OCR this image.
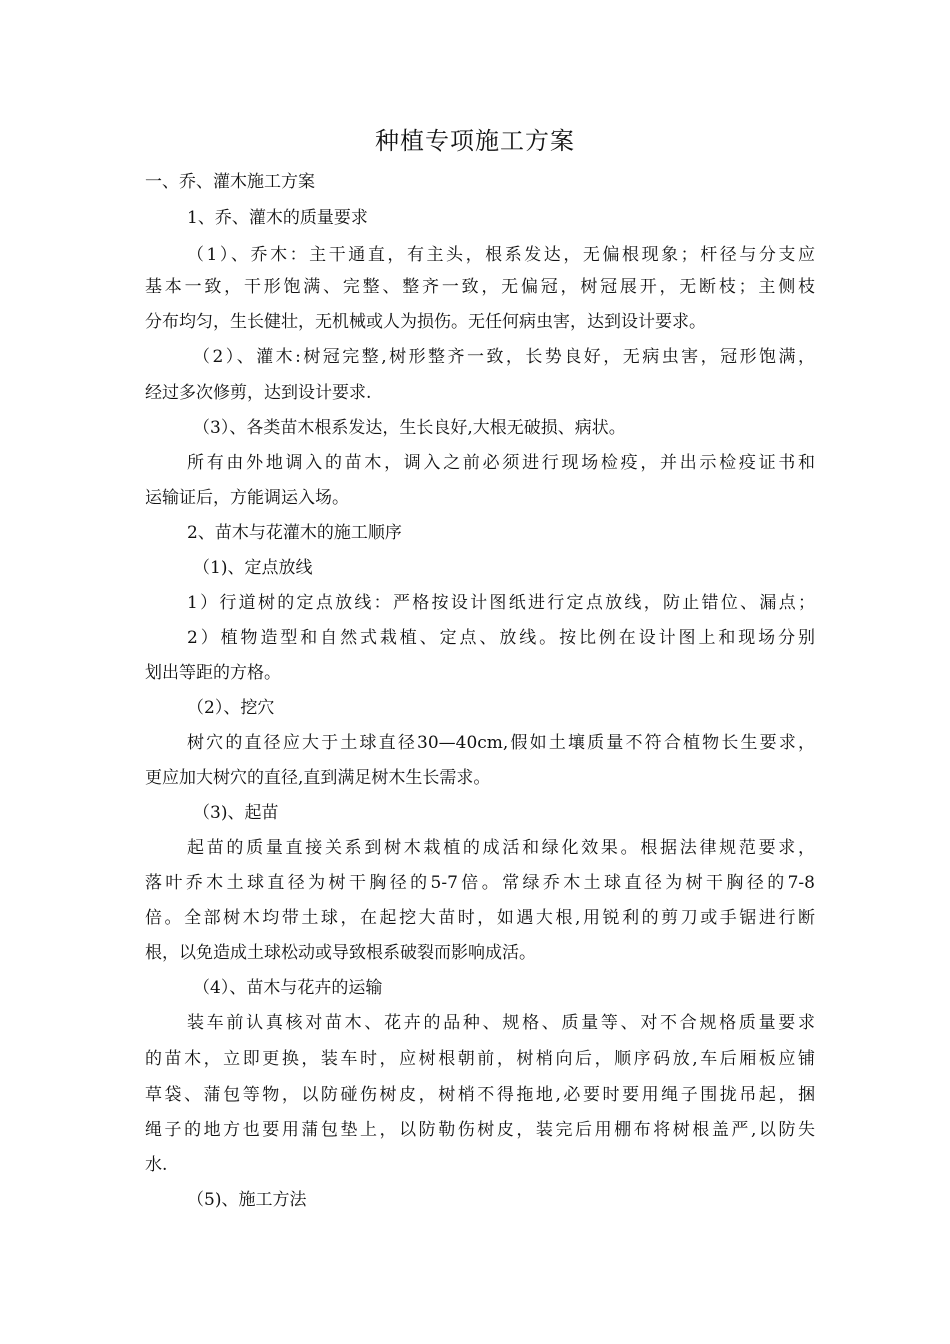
种植专项施工方案
一、乔、灌木施工方案
1、乔、灌木的质量要求
（1）、乔木：主干通直，有主头，根系发达，无偏根现象；杆径与分支应
基本一致，干形饱满、完整、整齐一致，无偏冠，树冠展开，无断枝；主侧枝
分布均匀，生长健壮，无机械或人为损伤。无任何病虫害，达到设计要求。
（2）、灌木:树冠完整,树形整齐一致，长势良好，无病虫害，冠形饱满，
经过多次修剪，达到设计要求.
（3）、各类苗木根系发达，生长良好,大根无破损、病状。
所有由外地调入的苗木，调入之前必须进行现场检疫，并出示检疫证书和
运输证后，方能调运入场。
2、苗木与花灌木的施工顺序
（1)、定点放线
1）行道树的定点放线：严格按设计图纸进行定点放线，防止错位、漏点；
2）植物造型和自然式栽植、定点、放线。按比例在设计图上和现场分别
划出等距的方格。
（2）、挖穴
树穴的直径应大于土球直径30—40cm,假如土壤质量不符合植物长生要求，
更应加大树穴的直径,直到满足树木生长需求。
（3)、起苗
起苗的质量直接关系到树木栽植的成活和绿化效果。根据法律规范要求，
落叶乔木土球直径为树干胸径的5-7倍。常绿乔木土球直径为树干胸径的7-8
倍。全部树木均带土球，在起挖大苗时，如遇大根,用锐利的剪刀或手锯进行断
根，以免造成土球松动或导致根系破裂而影响成活。
（4）、苗木与花卉的运输
装车前认真核对苗木、花卉的品种、规格、质量等、对不合规格质量要求
的苗木，立即更换，装车时，应树根朝前，树梢向后，顺序码放,车后厢板应铺
草袋、蒲包等物，以防碰伤树皮，树梢不得拖地,必要时要用绳子围拢吊起，捆
绳子的地方也要用蒲包垫上，以防勒伤树皮，装完后用棚布将树根盖严,以防失
水.
（5)、施工方法
